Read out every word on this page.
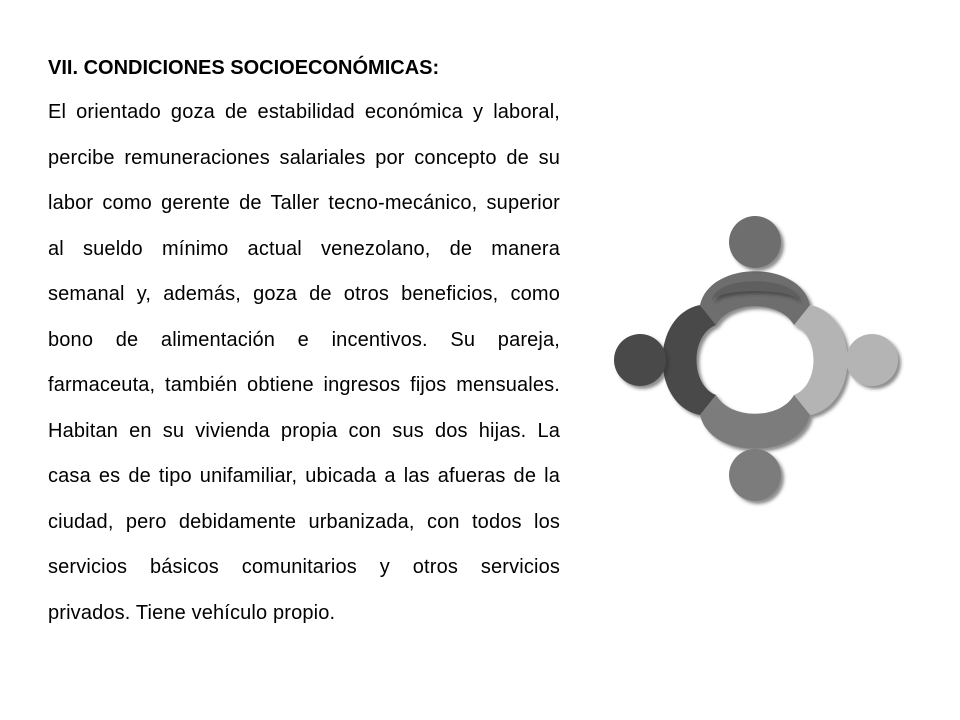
VII. CONDICIONES SOCIOECONÓMICAS:
El orientado goza de estabilidad económica y laboral, percibe remuneraciones salariales por concepto de su labor como gerente de Taller tecno-mecánico, superior al sueldo mínimo actual venezolano, de manera semanal y, además, goza de otros beneficios, como bono de alimentación e incentivos. Su pareja, farmaceuta, también obtiene ingresos fijos mensuales. Habitan en su vivienda propia con sus dos hijas. La casa es de tipo unifamiliar, ubicada a las afueras de la ciudad, pero debidamente urbanizada, con todos los servicios básicos comunitarios y otros servicios privados. Tiene vehículo propio.
